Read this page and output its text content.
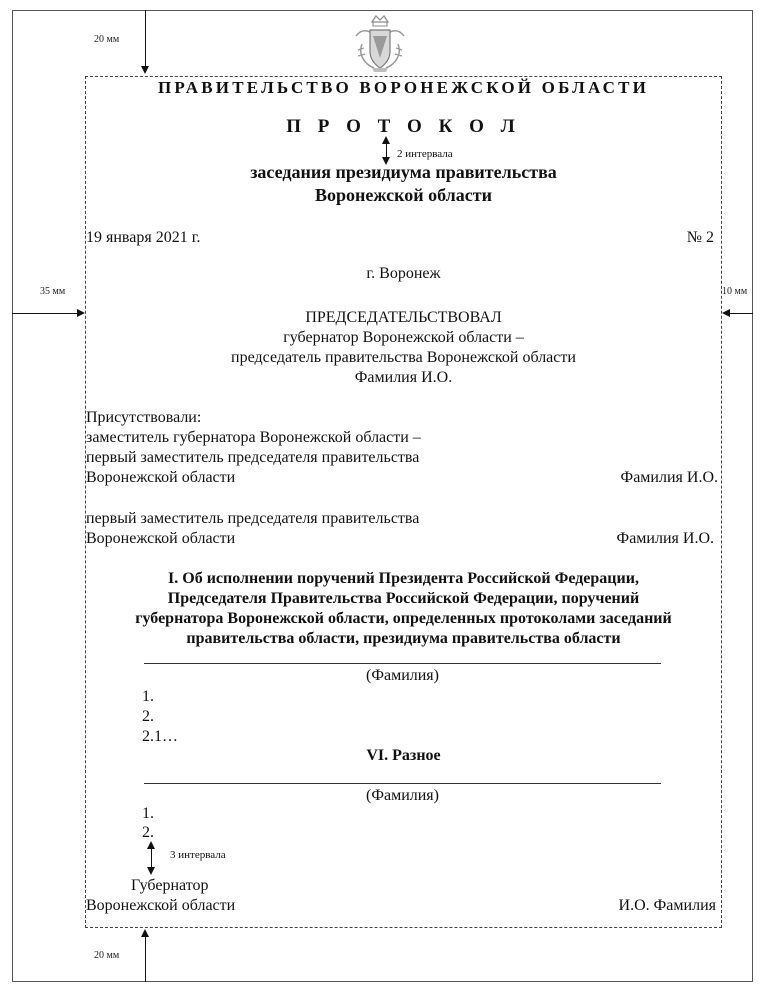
20 мм
20 мм
35 мм	10 мм
ПРАВИТЕЛЬСТВО ВОРОНЕЖСКОЙ ОБЛАСТИ
П Р О Т О К О Л
2 интервала
заседания президиума правительства
Воронежской области
19 января 2021 г.	№ 2
г. Воронеж
ПРЕДСЕДАТЕЛЬСТВОВАЛ
губернатор Воронежской области –
председатель правительства Воронежской области
Фамилия И.О.
Присутствовали:
заместитель губернатора Воронежской области –
первый заместитель председателя правительства
Воронежской области	Фамилия И.О.
первый заместитель председателя правительства
Воронежской области	Фамилия И.О.
I. Об исполнении поручений Президента Российской Федерации,
Председателя Правительства Российской Федерации, поручений
губернатора Воронежской области, определенных протоколами заседаний
правительства области, президиума правительства области
(Фамилия)
1.
2.
2.1…
VI. Разное
(Фамилия)
1.
2.
3 интервала
Губернатор
Воронежской области	И.О. Фамилия
